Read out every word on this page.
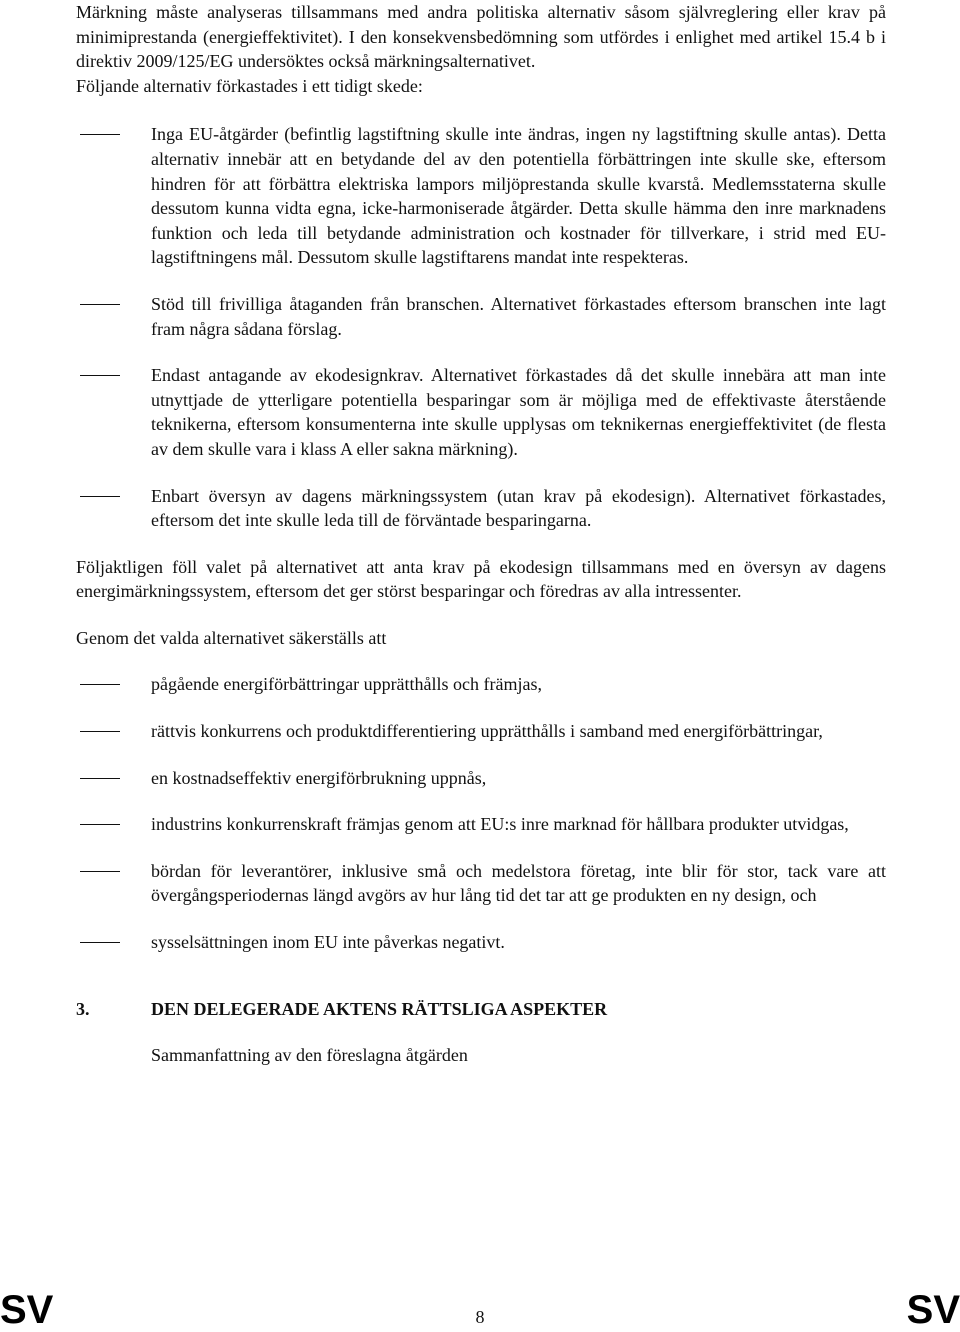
Märkning måste analyseras tillsammans med andra politiska alternativ såsom självreglering eller krav på minimiprestanda (energieffektivitet). I den konsekvensbedömning som utfördes i enlighet med artikel 15.4 b i direktiv 2009/125/EG undersöktes också märkningsalternativet.

Följande alternativ förkastades i ett tidigt skede:

Inga EU-åtgärder (befintlig lagstiftning skulle inte ändras, ingen ny lagstiftning skulle antas). Detta alternativ innebär att en betydande del av den potentiella förbättringen inte skulle ske, eftersom hindren för att förbättra elektriska lampors miljöprestanda skulle kvarstå. Medlemsstaterna skulle dessutom kunna vidta egna, icke-harmoniserade åtgärder. Detta skulle hämma den inre marknadens funktion och leda till betydande administration och kostnader för tillverkare, i strid med EU-lagstiftningens mål. Dessutom skulle lagstiftarens mandat inte respekteras.
Stöd till frivilliga åtaganden från branschen. Alternativet förkastades eftersom branschen inte lagt fram några sådana förslag.
Endast antagande av ekodesignkrav. Alternativet förkastades då det skulle innebära att man inte utnyttjade de ytterligare potentiella besparingar som är möjliga med de effektivaste återstående teknikerna, eftersom konsumenterna inte skulle upplysas om teknikernas energieffektivitet (de flesta av dem skulle vara i klass A eller sakna märkning).
Enbart översyn av dagens märkningssystem (utan krav på ekodesign). Alternativet förkastades, eftersom det inte skulle leda till de förväntade besparingarna.

Följaktligen föll valet på alternativet att anta krav på ekodesign tillsammans med en översyn av dagens energimärkningssystem, eftersom det ger störst besparingar och föredras av alla intressenter.

Genom det valda alternativet säkerställs att

pågående energiförbättringar upprätthålls och främjas,
rättvis konkurrens och produktdifferentiering upprätthålls i samband med energiförbättringar,
en kostnadseffektiv energiförbrukning uppnås,
industrins konkurrenskraft främjas genom att EU:s inre marknad för hållbara produkter utvidgas,
bördan för leverantörer, inklusive små och medelstora företag, inte blir för stor, tack vare att övergångsperiodernas längd avgörs av hur lång tid det tar att ge produkten en ny design, och
sysselsättningen inom EU inte påverkas negativt.

3.	DEN DELEGERADE AKTENS RÄTTSLIGA ASPEKTER

Sammanfattning av den föreslagna åtgärden

SV	8	SV
